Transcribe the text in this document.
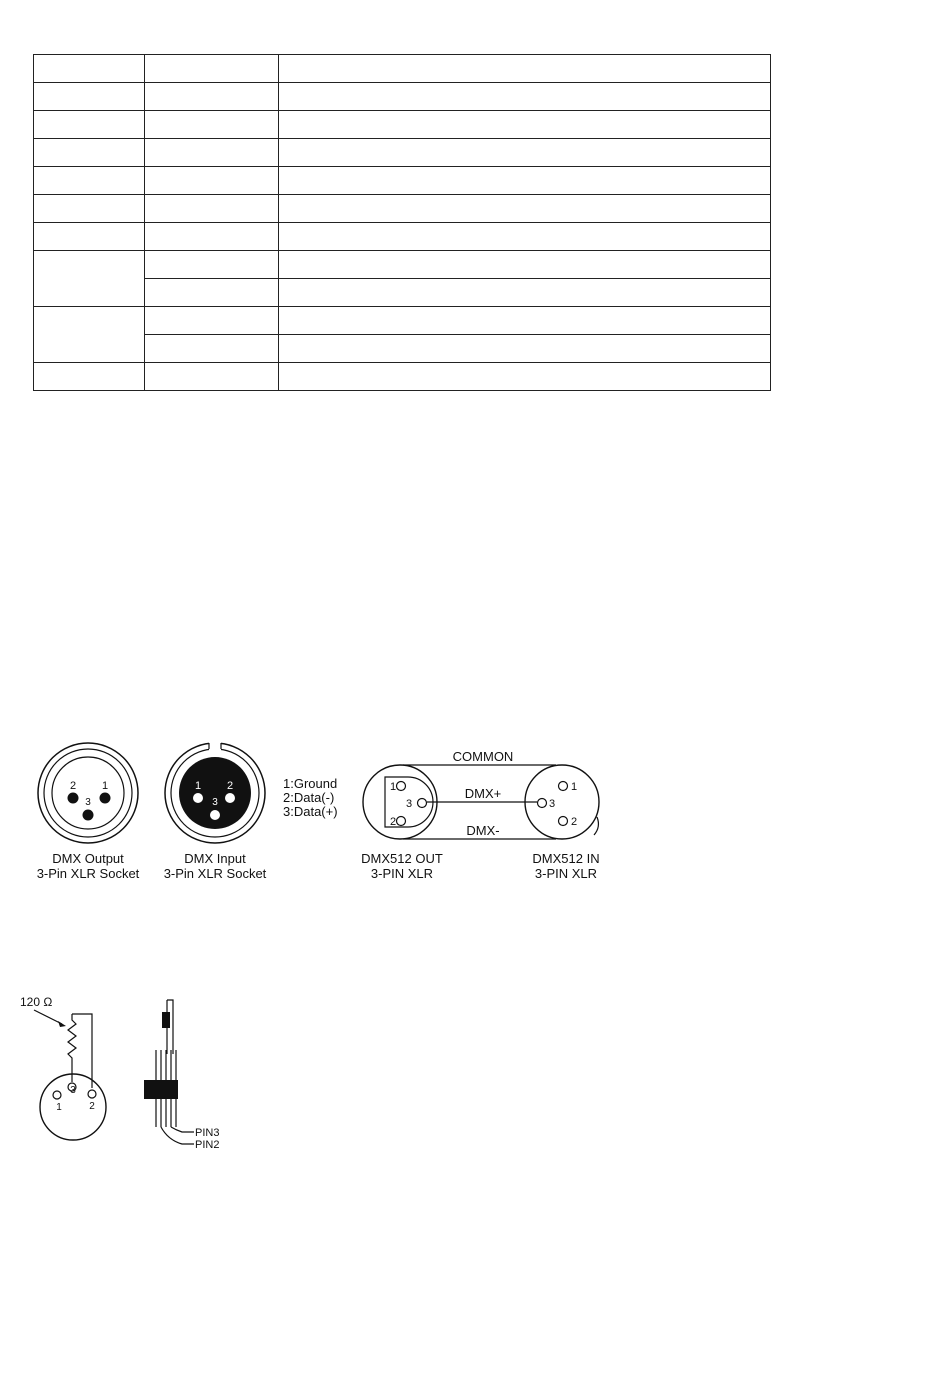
2 1
3
DMX Output
3-Pin XLR Socket
1 2
3
DMX Input
3-Pin XLR Socket
1:Ground
2:Data(-)
3:Data(+)
1
3
2
1
3
2
COMMON
DMX+
DMX-
DMX512 OUT
3-PIN XLR
DMX512 IN
3-PIN XLR
120 Ω
1
3
2
PIN3
PIN2
